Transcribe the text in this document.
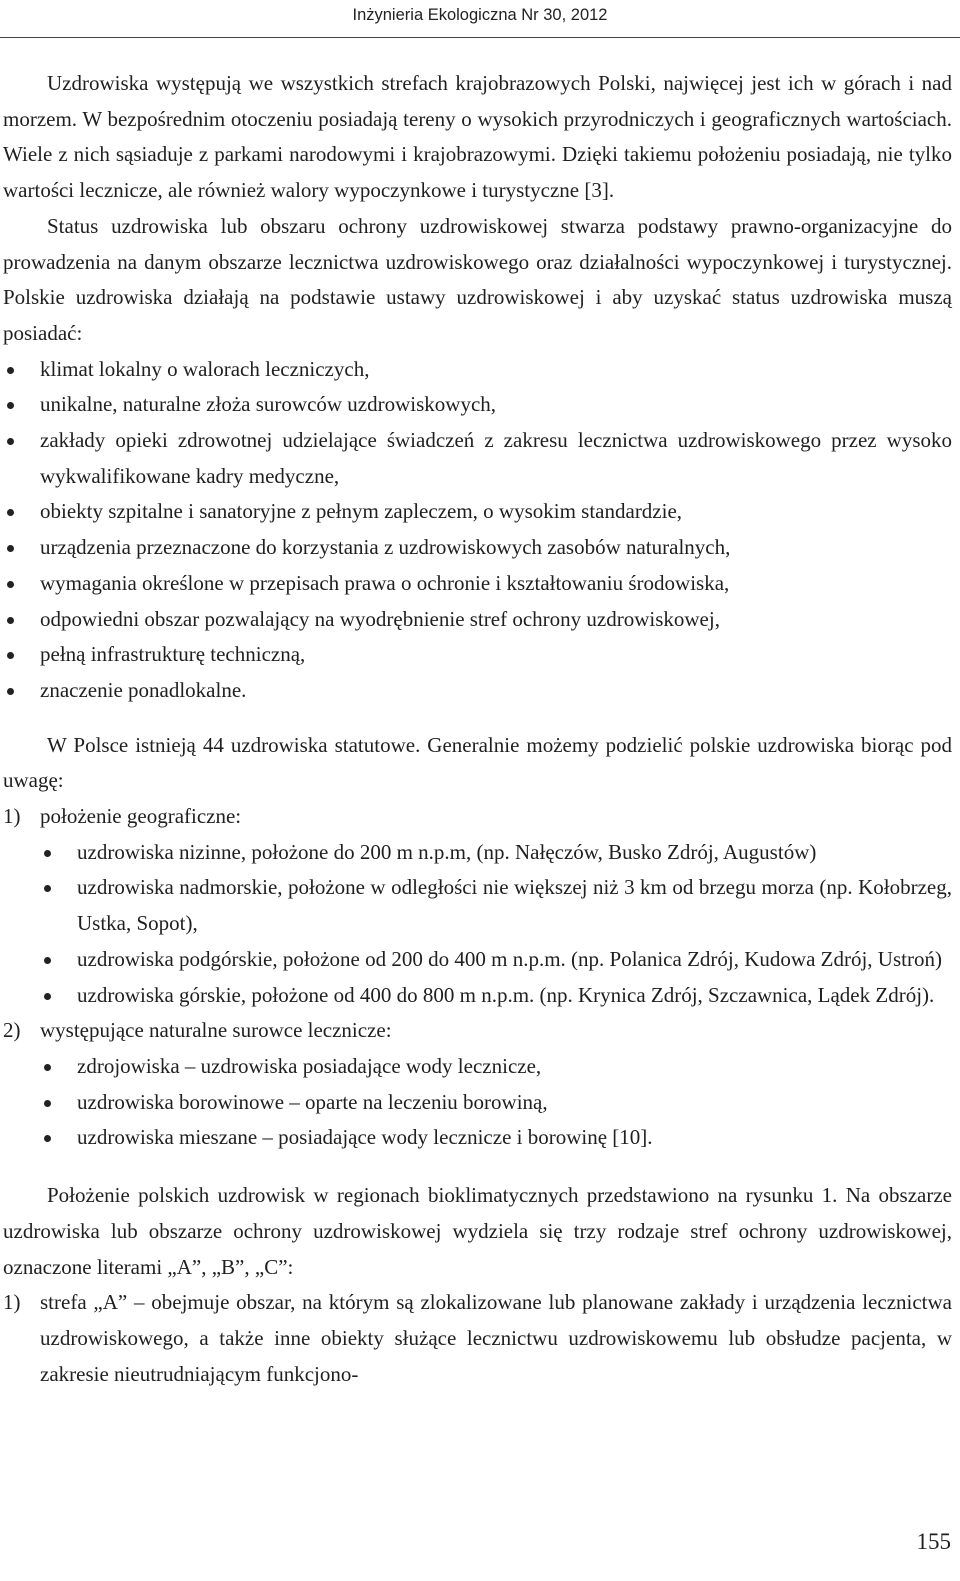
Inżynieria Ekologiczna Nr 30, 2012

Uzdrowiska występują we wszystkich strefach krajobrazowych Polski, najwięcej jest ich w górach i nad morzem. W bezpośrednim otoczeniu posiadają tereny o wysokich przyrodniczych i geograficznych wartościach. Wiele z nich sąsiaduje z parkami narodowymi i krajobrazowymi. Dzięki takiemu położeniu posiadają, nie tylko wartości lecznicze, ale również walory wypoczynkowe i turystyczne [3].

Status uzdrowiska lub obszaru ochrony uzdrowiskowej stwarza podstawy prawno-organizacyjne do prowadzenia na danym obszarze lecznictwa uzdrowiskowego oraz działalności wypoczynkowej i turystycznej. Polskie uzdrowiska działają na podstawie ustawy uzdrowiskowej i aby uzyskać status uzdrowiska muszą posiadać:

klimat lokalny o walorach leczniczych,
unikalne, naturalne złoża surowców uzdrowiskowych,
zakłady opieki zdrowotnej udzielające świadczeń z zakresu lecznictwa uzdrowiskowego przez wysoko wykwalifikowane kadry medyczne,
obiekty szpitalne i sanatoryjne z pełnym zapleczem, o wysokim standardzie,
urządzenia przeznaczone do korzystania z uzdrowiskowych zasobów naturalnych,
wymagania określone w przepisach prawa o ochronie i kształtowaniu środowiska,
odpowiedni obszar pozwalający na wyodrębnienie stref ochrony uzdrowiskowej,
pełną infrastrukturę techniczną,
znaczenie ponadlokalne.

W Polsce istnieją 44 uzdrowiska statutowe. Generalnie możemy podzielić polskie uzdrowiska biorąc pod uwagę:

1) położenie geograficzne:
uzdrowiska nizinne, położone do 200 m n.p.m, (np. Nałęczów, Busko Zdrój, Augustów)
uzdrowiska nadmorskie, położone w odległości nie większej niż 3 km od brzegu morza (np. Kołobrzeg, Ustka, Sopot),
uzdrowiska podgórskie, położone od 200 do 400 m n.p.m. (np. Polanica Zdrój, Kudowa Zdrój, Ustroń)
uzdrowiska górskie, położone od 400 do 800 m n.p.m. (np. Krynica Zdrój, Szczawnica, Lądek Zdrój).
2) występujące naturalne surowce lecznicze:
zdrojowiska – uzdrowiska posiadające wody lecznicze,
uzdrowiska borowinowe – oparte na leczeniu borowiną,
uzdrowiska mieszane – posiadające wody lecznicze i borowinę [10].

Położenie polskich uzdrowisk w regionach bioklimatycznych przedstawiono na rysunku 1. Na obszarze uzdrowiska lub obszarze ochrony uzdrowiskowej wydziela się trzy rodzaje stref ochrony uzdrowiskowej, oznaczone literami „A”, „B”, „C”:

1) strefa „A” – obejmuje obszar, na którym są zlokalizowane lub planowane zakłady i urządzenia lecznictwa uzdrowiskowego, a także inne obiekty służące lecznictwu uzdrowiskowemu lub obsłudze pacjenta, w zakresie nieutrudniającym funkcjono-
155
